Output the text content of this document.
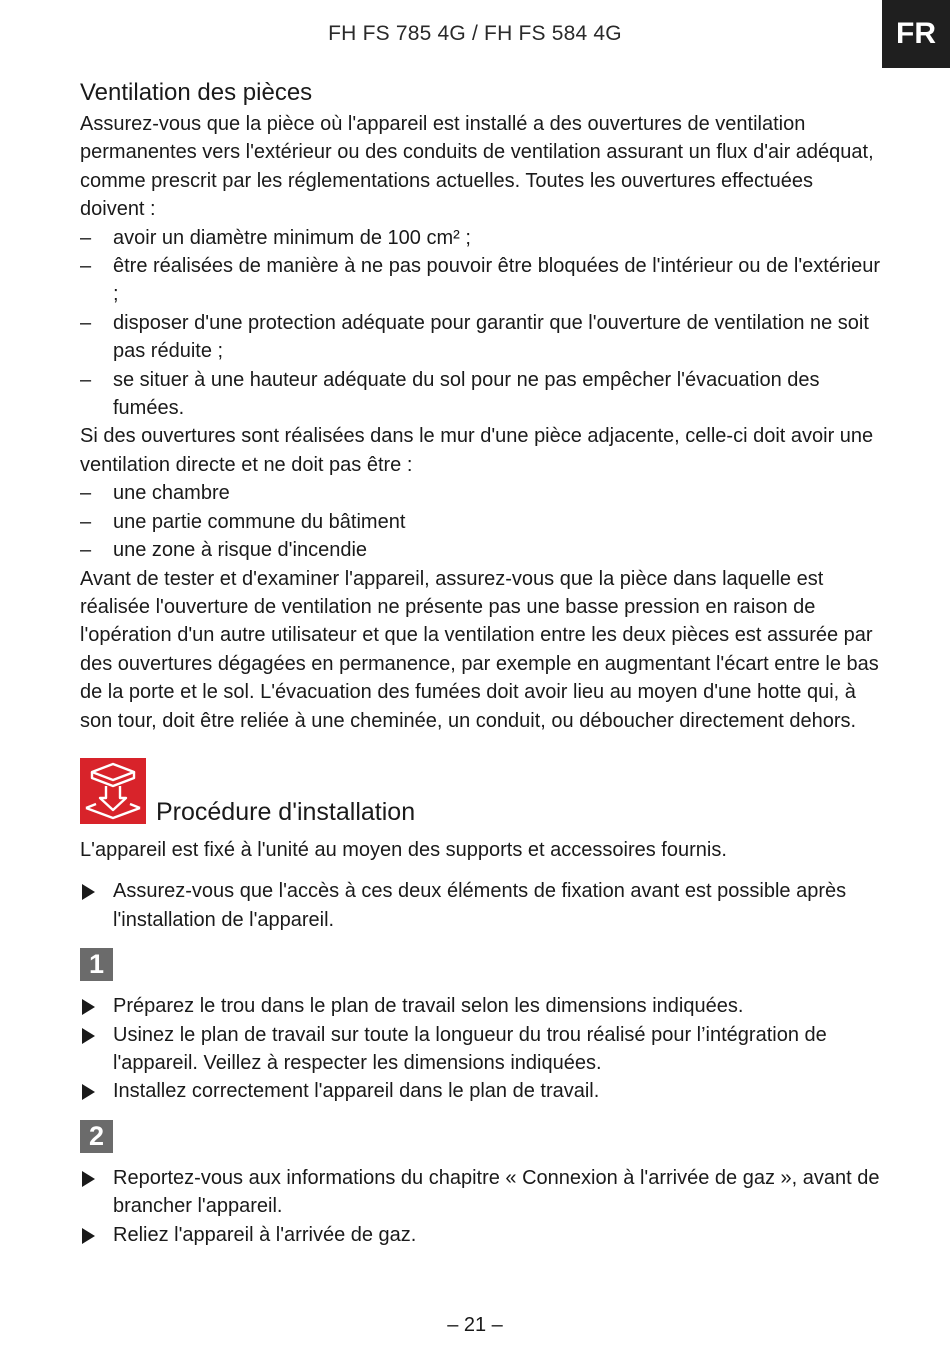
FH FS 785 4G / FH FS 584 4G	FR
Ventilation des pièces

Assurez-vous que la pièce où l'appareil est installé a des ouvertures de ventilation permanentes vers l'extérieur ou des conduits de ventilation assurant un flux d'air adéquat, comme prescrit par les réglementations actuelles. Toutes les ouvertures effectuées doivent :

– avoir un diamètre minimum de 100 cm² ;
– être réalisées de manière à ne pas pouvoir être bloquées de l'intérieur ou de l'extérieur ;
– disposer d'une protection adéquate pour garantir que l'ouverture de ventilation ne soit pas réduite ;
– se situer à une hauteur adéquate du sol pour ne pas empêcher l'évacuation des fumées.

Si des ouvertures sont réalisées dans le mur d'une pièce adjacente, celle-ci doit avoir une ventilation directe et ne doit pas être :

– une chambre
– une partie commune du bâtiment
– une zone à risque d'incendie

Avant de tester et d'examiner l'appareil, assurez-vous que la pièce dans laquelle est réalisée l'ouverture de ventilation ne présente pas une basse pression en raison de l'opération d'un autre utilisateur et que la ventilation entre les deux pièces est assurée par des ouvertures dégagées en permanence, par exemple en augmentant l'écart entre le bas de la porte et le sol. L'évacuation des fumées doit avoir lieu au moyen d'une hotte qui, à son tour, doit être reliée à une cheminée, un conduit, ou déboucher directement dehors.

Procédure d'installation

L'appareil est fixé à l'unité au moyen des supports et accessoires fournis.

Assurez-vous que l'accès à ces deux éléments de fixation avant est possible après l'installation de l'appareil.
1
Préparez le trou dans le plan de travail selon les dimensions indiquées.
Usinez le plan de travail sur toute la longueur du trou réalisé pour l’intégration de l'appareil. Veillez à respecter les dimensions indiquées.
Installez correctement l'appareil dans le plan de travail.
2
Reportez-vous aux informations du chapitre « Connexion à l'arrivée de gaz », avant de brancher l'appareil.
Reliez l'appareil à l'arrivée de gaz.
– 21 –
